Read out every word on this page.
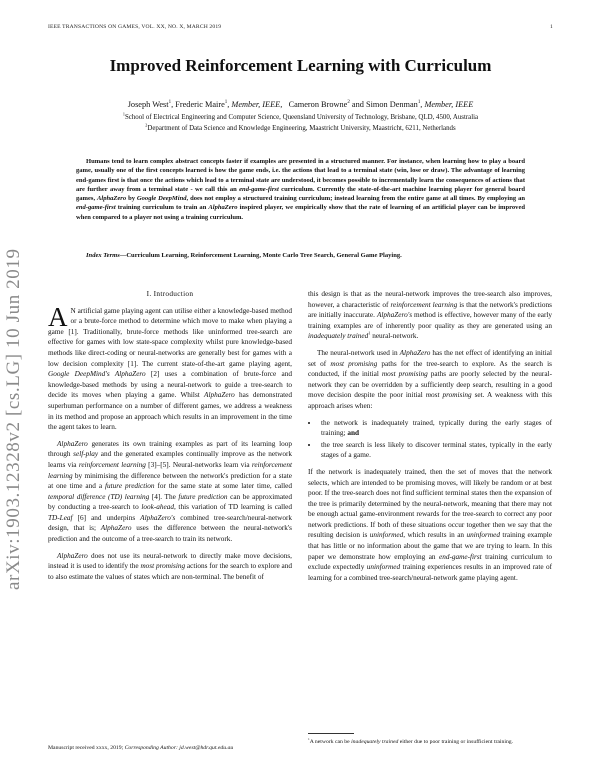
IEEE TRANSACTIONS ON GAMES, VOL. XX, NO. X, MARCH 2019	1
arXiv:1903.12328v2 [cs.LG] 10 Jun 2019
Improved Reinforcement Learning with Curriculum
Joseph West$^1$, Frederic Maire$^1$, Member, IEEE, Cameron Browne$^2$ and Simon Denman$^1$, Member, IEEE
$^1$School of Electrical Engineering and Computer Science, Queensland University of Technology, Brisbane, QLD, 4500, Australia
$^2$Department of Data Science and Knowledge Engineering, Maastricht University, Maastricht, 6211, Netherlands
Humans tend to learn complex abstract concepts faster if examples are presented in a structured manner. For instance, when learning how to play a board game, usually one of the first concepts learned is how the game ends, i.e. the actions that lead to a terminal state (win, lose or draw). The advantage of learning end-games first is that once the actions which lead to a terminal state are understood, it becomes possible to incrementally learn the consequences of actions that are further away from a terminal state - we call this an end-game-first curriculum. Currently the state-of-the-art machine learning player for general board games, AlphaZero by Google DeepMind, does not employ a structured training curriculum; instead learning from the entire game at all times. By employing an end-game-first training curriculum to train an AlphaZero inspired player, we empirically show that the rate of learning of an artificial player can be improved when compared to a player not using a training curriculum.
Index Terms—Curriculum Learning, Reinforcement Learning, Monte Carlo Tree Search, General Game Playing.
I. Introduction

A N artificial game playing agent can utilise either a knowledge-based method or a brute-force method to determine which move to make when playing a game [1]. Traditionally, brute-force methods like uninformed tree-search are effective for games with low state-space complexity whilst pure knowledge-based methods like direct-coding or neural-networks are generally best for games with a low decision complexity [1]. The current state-of-the-art game playing agent, Google DeepMind's AlphaZero [2] uses a combination of brute-force and knowledge-based methods by using a neural-network to guide a tree-search to decide its moves when playing a game. Whilst AlphaZero has demonstrated superhuman performance on a number of different games, we address a weakness in its method and propose an approach which results in an improvement in the time the agent takes to learn.

AlphaZero generates its own training examples as part of its learning loop through self-play and the generated examples continually improve as the network learns via reinforcement learning [3]–[5]. Neural-networks learn via reinforcement learning by minimising the difference between the network's prediction for a state at one time and a future prediction for the same state at some later time, called temporal difference (TD) learning [4]. The future prediction can be approximated by conducting a tree-search to look-ahead, this variation of TD learning is called TD-Leaf [6] and underpins AlphaZero's combined tree-search/neural-network design, that is; AlphaZero uses the difference between the neural-network's prediction and the outcome of a tree-search to train its network.

AlphaZero does not use its neural-network to directly make move decisions, instead it is used to identify the most promising actions for the search to explore and to also estimate the values of states which are non-terminal. The benefit of

this design is that as the neural-network improves the tree-search also improves, however, a characteristic of reinforcement learning is that the network's predictions are initially inaccurate. AlphaZero's method is effective, however many of the early training examples are of inherently poor quality as they are generated using an inadequately trained$^1$ neural-network.

The neural-network used in AlphaZero has the net effect of identifying an initial set of most promising paths for the tree-search to explore. As the search is conducted, if the initial most promising paths are poorly selected by the neural-network they can be overridden by a sufficiently deep search, resulting in a good move decision despite the poor initial most promising set. A weakness with this approach arises when:

• the network is inadequately trained, typically during the early stages of training; and
• the tree search is less likely to discover terminal states, typically in the early stages of a game.

If the network is inadequately trained, then the set of moves that the network selects, which are intended to be promising moves, will likely be random or at best poor. If the tree-search does not find sufficient terminal states then the expansion of the tree is primarily determined by the neural-network, meaning that there may not be enough actual game-environment rewards for the tree-search to correct any poor network predictions. If both of these situations occur together then we say that the resulting decision is uninformed, which results in an uninformed training example that has little or no information about the game that we are trying to learn. In this paper we demonstrate how employing an end-game-first training curriculum to exclude expectedly uninformed training experiences results in an improved rate of learning for a combined tree-search/neural-network game playing agent.

Manuscript received xxxx, 2019; Corresponding Author: jd.west@hdr.qut.edu.au
$^1$A network can be inadequately trained either due to poor training or insufficient training.
